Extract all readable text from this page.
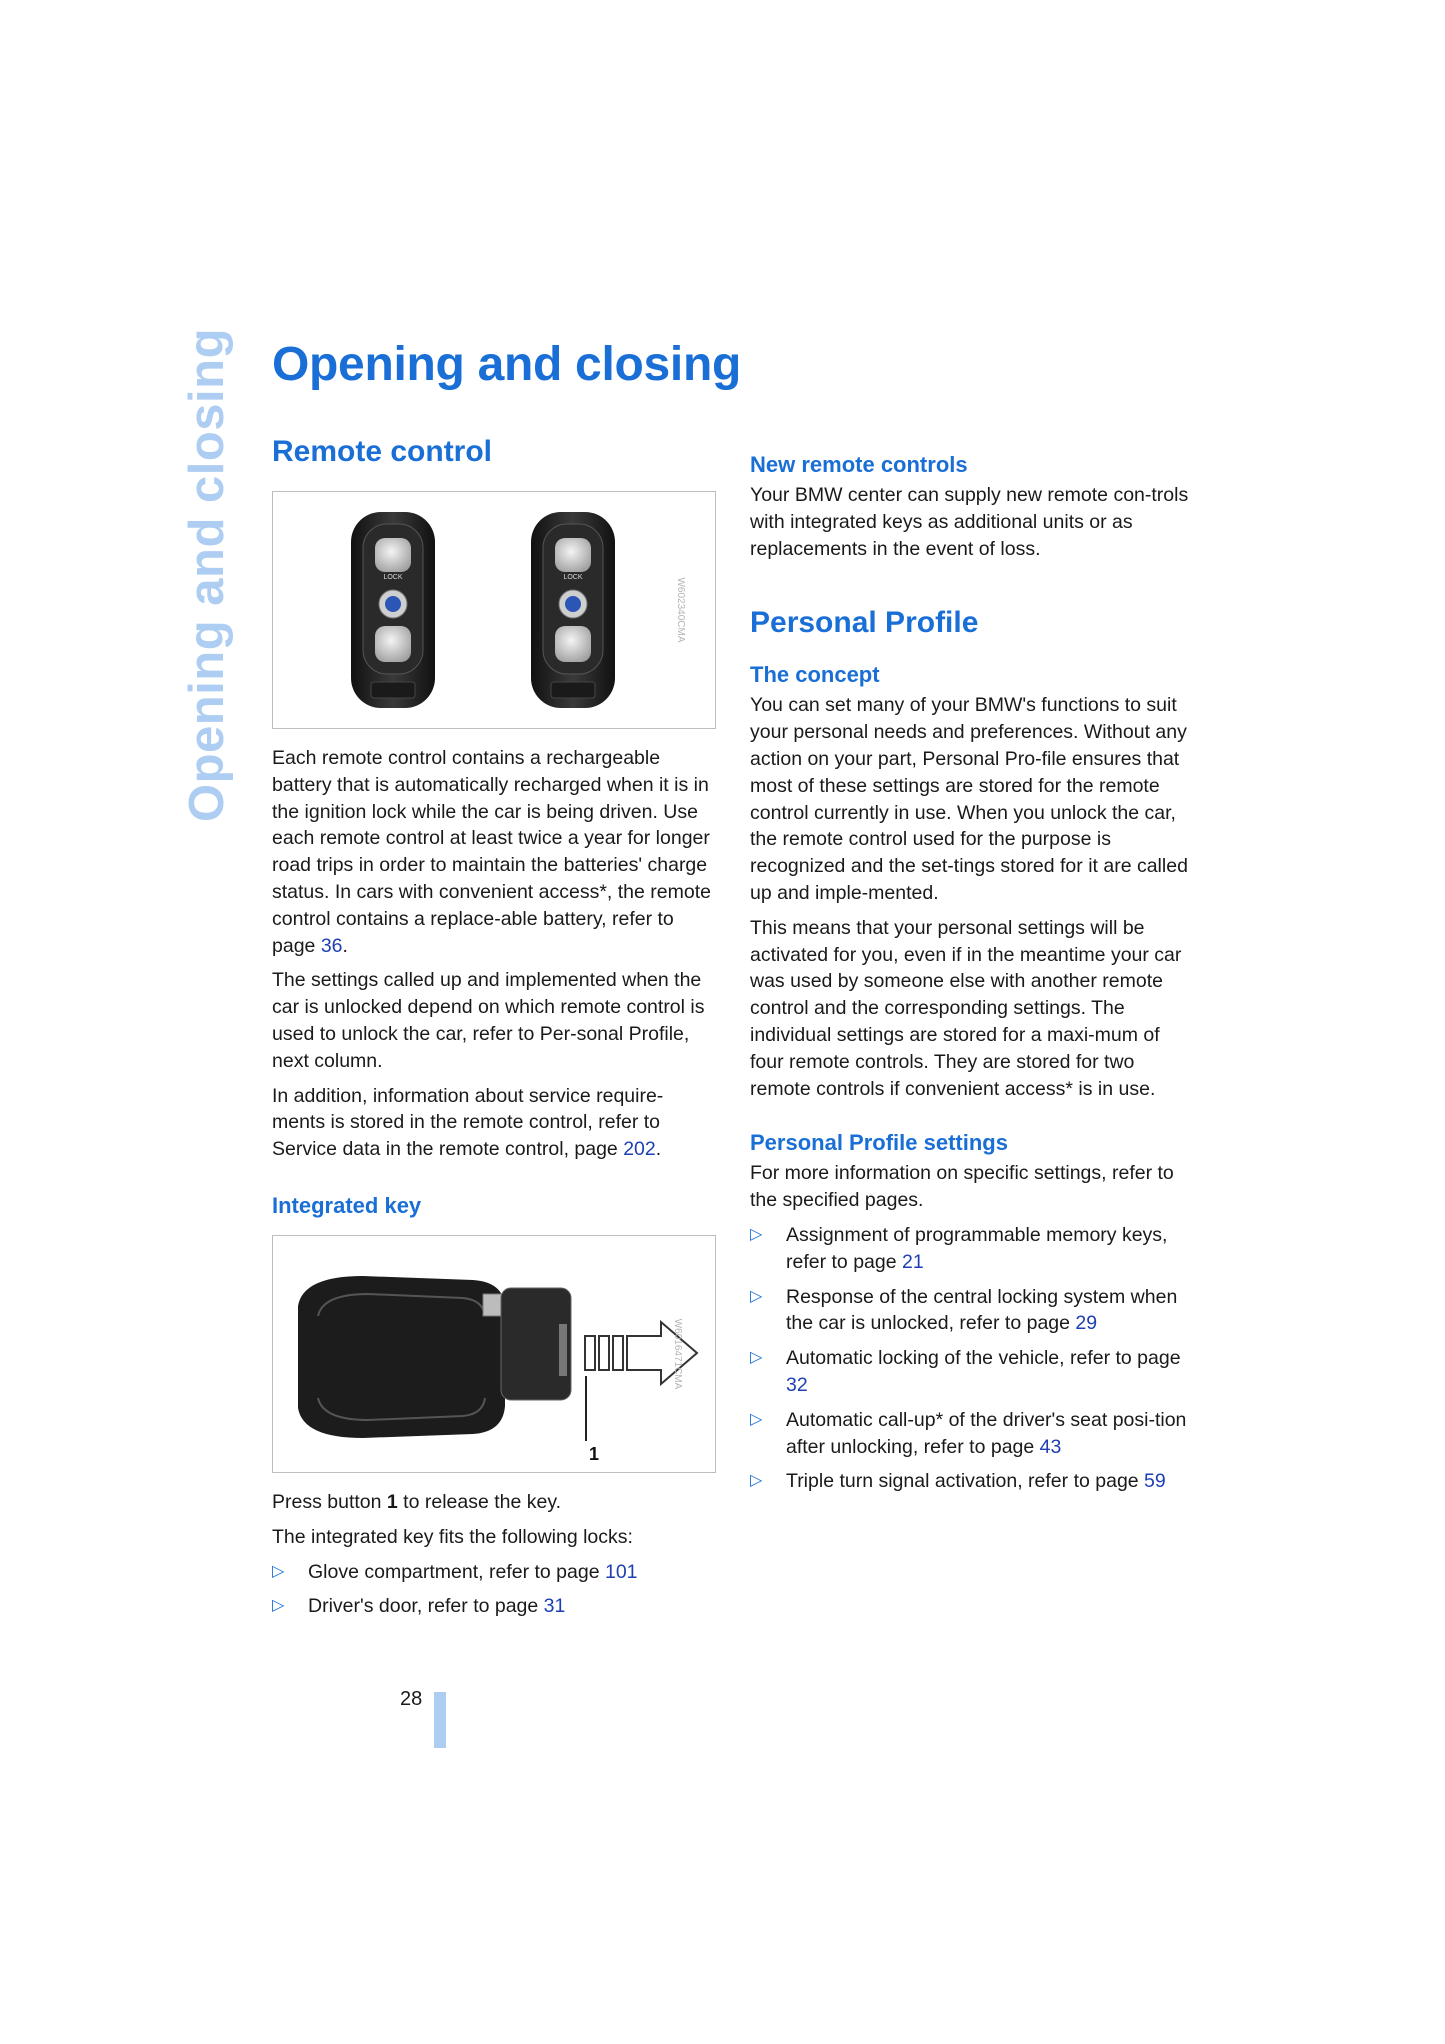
Opening and closing Opening and closing
Remote control
LOCK	LOCK	W602340CMA

Each remote control contains a rechargeable battery that is automatically recharged when it is in the ignition lock while the car is being driven. Use each remote control at least twice a year for longer road trips in order to maintain the batteries' charge status. In cars with convenient access*, the remote control contains a replace-able battery, refer to page 36.

The settings called up and implemented when the car is unlocked depend on which remote control is used to unlock the car, refer to Per-sonal Profile, next column.

In addition, information about service require-ments is stored in the remote control, refer to Service data in the remote control, page 202.

Integrated key
1
W6016471CMA

Press button 1 to release the key.

The integrated key fits the following locks:

▷ Glove compartment, refer to page 101
▷ Driver's door, refer to page 31
New remote controls

Your BMW center can supply new remote con-trols with integrated keys as additional units or as replacements in the event of loss.

Personal Profile
The concept

You can set many of your BMW's functions to suit your personal needs and preferences. Without any action on your part, Personal Pro-file ensures that most of these settings are stored for the remote control currently in use. When you unlock the car, the remote control used for the purpose is recognized and the set-tings stored for it are called up and imple-mented.

This means that your personal settings will be activated for you, even if in the meantime your car was used by someone else with another remote control and the corresponding settings. The individual settings are stored for a maxi-mum of four remote controls. They are stored for two remote controls if convenient access* is in use.

Personal Profile settings

For more information on specific settings, refer to the specified pages.

▷ Assignment of programmable memory keys, refer to page 21
▷ Response of the central locking system when the car is unlocked, refer to page 29
▷ Automatic locking of the vehicle, refer to page 32
▷ Automatic call-up* of the driver's seat posi-tion after unlocking, refer to page 43
▷ Triple turn signal activation, refer to page 59
28
